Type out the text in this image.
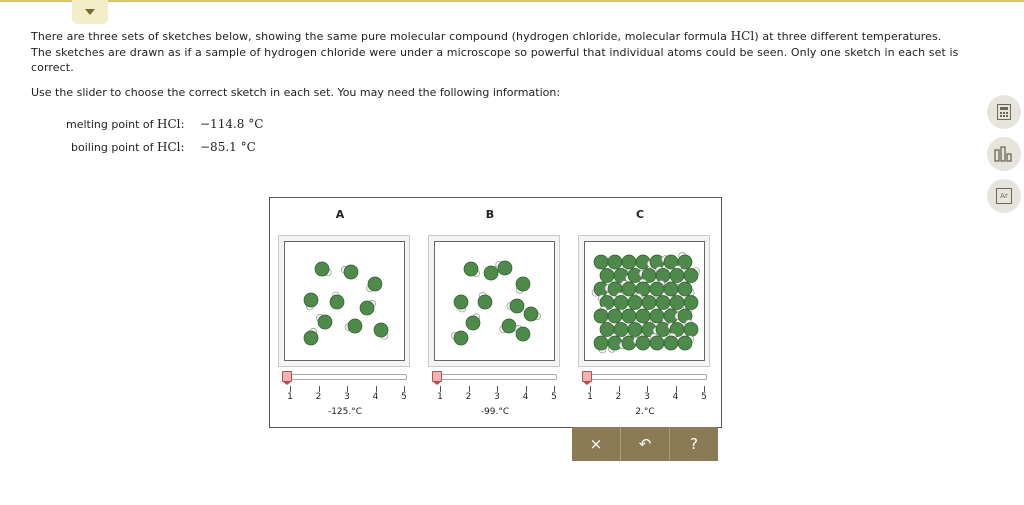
There are three sets of sketches below, showing the same pure molecular compound (hydrogen chloride, molecular formula HCl) at three different temperatures. The sketches are drawn as if a sample of hydrogen chloride were under a microscope so powerful that individual atoms could be seen. Only one sketch in each set is correct.
Use the slider to choose the correct sketch in each set. You may need the following information:
melting point of HCl: −114.8 °C
boiling point of HCl: −85.1 °C
Ar
A	B	C
1	2	3	4	5
-125.°C
1	2	3	4	5
-99.°C
1	2	3	4	5
2.°C
×	↶	?
